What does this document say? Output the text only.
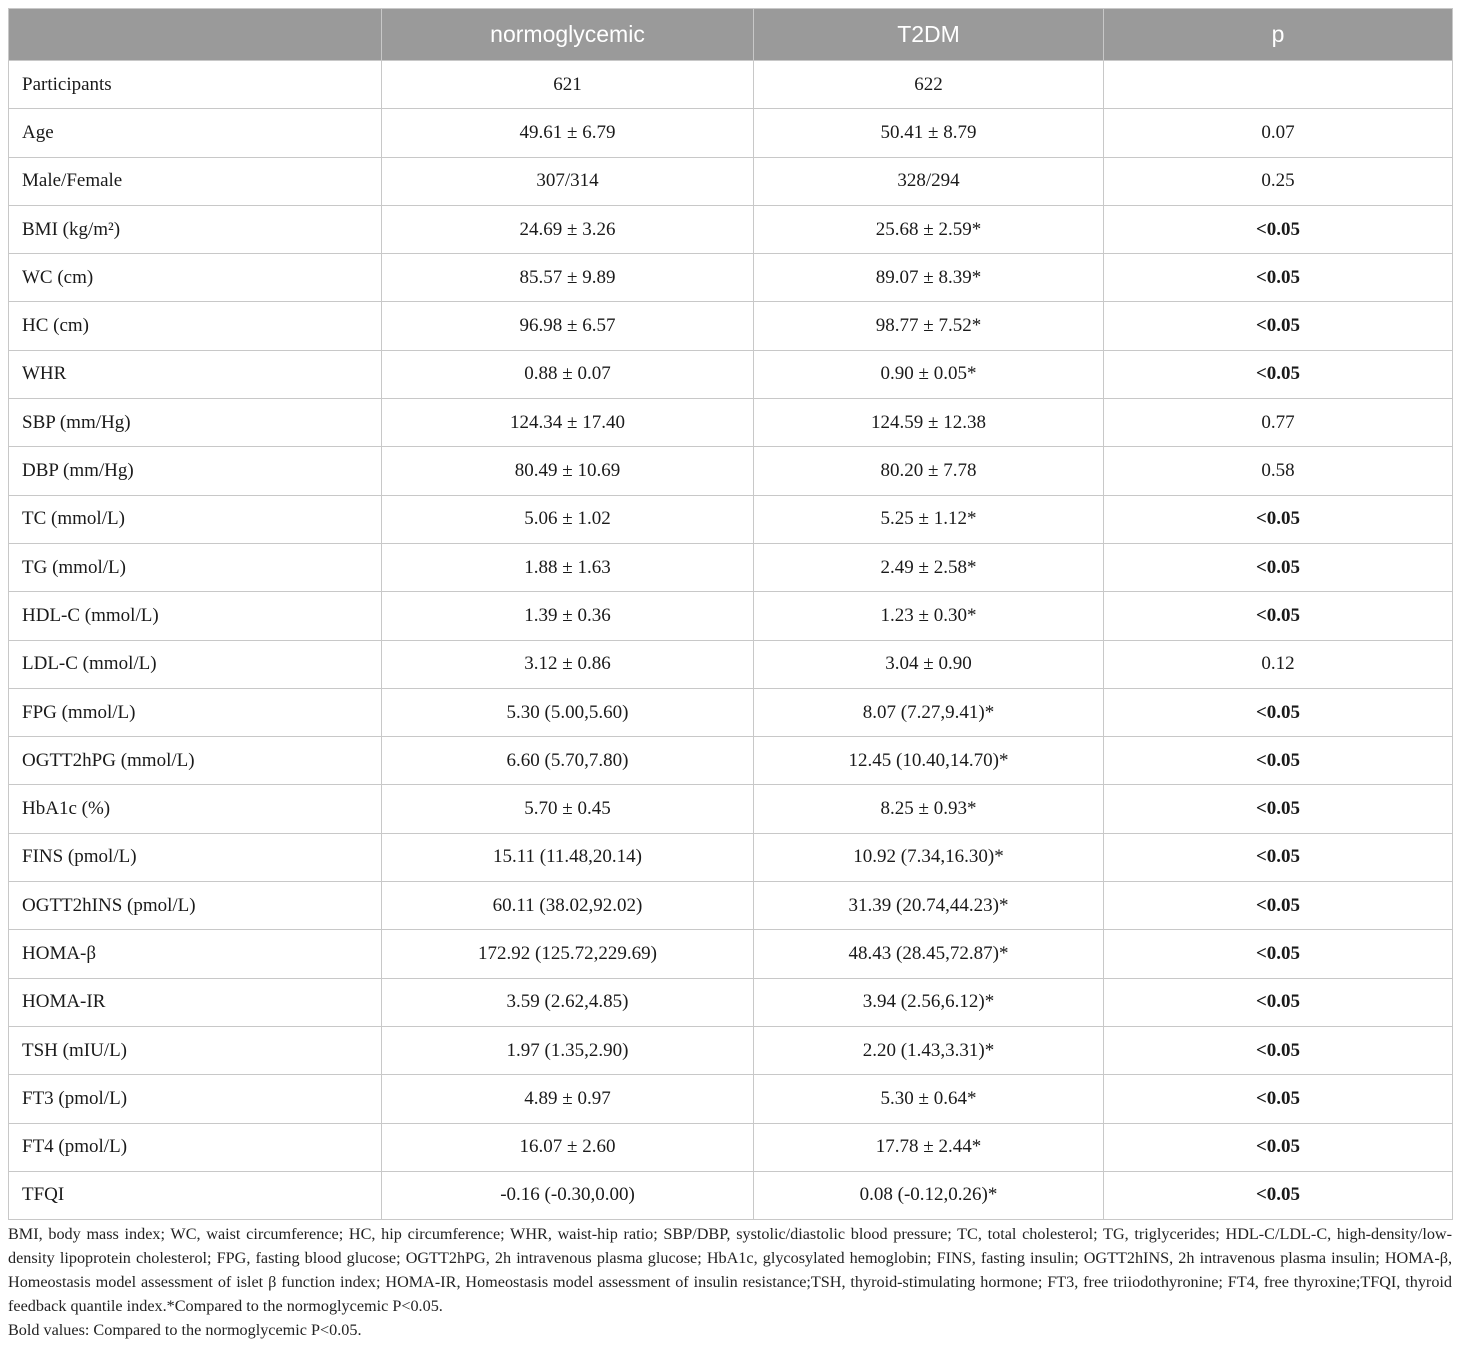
	normoglycemic	T2DM	p
Participants	621	622	
Age	49.61 ± 6.79	50.41 ± 8.79	0.07
Male/Female	307/314	328/294	0.25
BMI (kg/m²)	24.69 ± 3.26	25.68 ± 2.59*	<0.05
WC (cm)	85.57 ± 9.89	89.07 ± 8.39*	<0.05
HC (cm)	96.98 ± 6.57	98.77 ± 7.52*	<0.05
WHR	0.88 ± 0.07	0.90 ± 0.05*	<0.05
SBP (mm/Hg)	124.34 ± 17.40	124.59 ± 12.38	0.77
DBP (mm/Hg)	80.49 ± 10.69	80.20 ± 7.78	0.58
TC (mmol/L)	5.06 ± 1.02	5.25 ± 1.12*	<0.05
TG (mmol/L)	1.88 ± 1.63	2.49 ± 2.58*	<0.05
HDL-C (mmol/L)	1.39 ± 0.36	1.23 ± 0.30*	<0.05
LDL-C (mmol/L)	3.12 ± 0.86	3.04 ± 0.90	0.12
FPG (mmol/L)	5.30 (5.00,5.60)	8.07 (7.27,9.41)*	<0.05
OGTT2hPG (mmol/L)	6.60 (5.70,7.80)	12.45 (10.40,14.70)*	<0.05
HbA1c (%)	5.70 ± 0.45	8.25 ± 0.93*	<0.05
FINS (pmol/L)	15.11 (11.48,20.14)	10.92 (7.34,16.30)*	<0.05
OGTT2hINS (pmol/L)	60.11 (38.02,92.02)	31.39 (20.74,44.23)*	<0.05
HOMA-β	172.92 (125.72,229.69)	48.43 (28.45,72.87)*	<0.05
HOMA-IR	3.59 (2.62,4.85)	3.94 (2.56,6.12)*	<0.05
TSH (mIU/L)	1.97 (1.35,2.90)	2.20 (1.43,3.31)*	<0.05
FT3 (pmol/L)	4.89 ± 0.97	5.30 ± 0.64*	<0.05
FT4 (pmol/L)	16.07 ± 2.60	17.78 ± 2.44*	<0.05
TFQI	-0.16 (-0.30,0.00)	0.08 (-0.12,0.26)*	<0.05

BMI, body mass index; WC, waist circumference; HC, hip circumference; WHR, waist-hip ratio; SBP/DBP, systolic/diastolic blood pressure; TC, total cholesterol; TG, triglycerides; HDL-C/LDL-C, high-density/low-density lipoprotein cholesterol; FPG, fasting blood glucose; OGTT2hPG, 2h intravenous plasma glucose; HbA1c, glycosylated hemoglobin; FINS, fasting insulin; OGTT2hINS, 2h intravenous plasma insulin; HOMA-β, Homeostasis model assessment of islet β function index; HOMA-IR, Homeostasis model assessment of insulin resistance;TSH, thyroid-stimulating hormone; FT3, free triiodothyronine; FT4, free thyroxine;TFQI, thyroid feedback quantile index.*Compared to the normoglycemic P<0.05.

Bold values: Compared to the normoglycemic P<0.05.
